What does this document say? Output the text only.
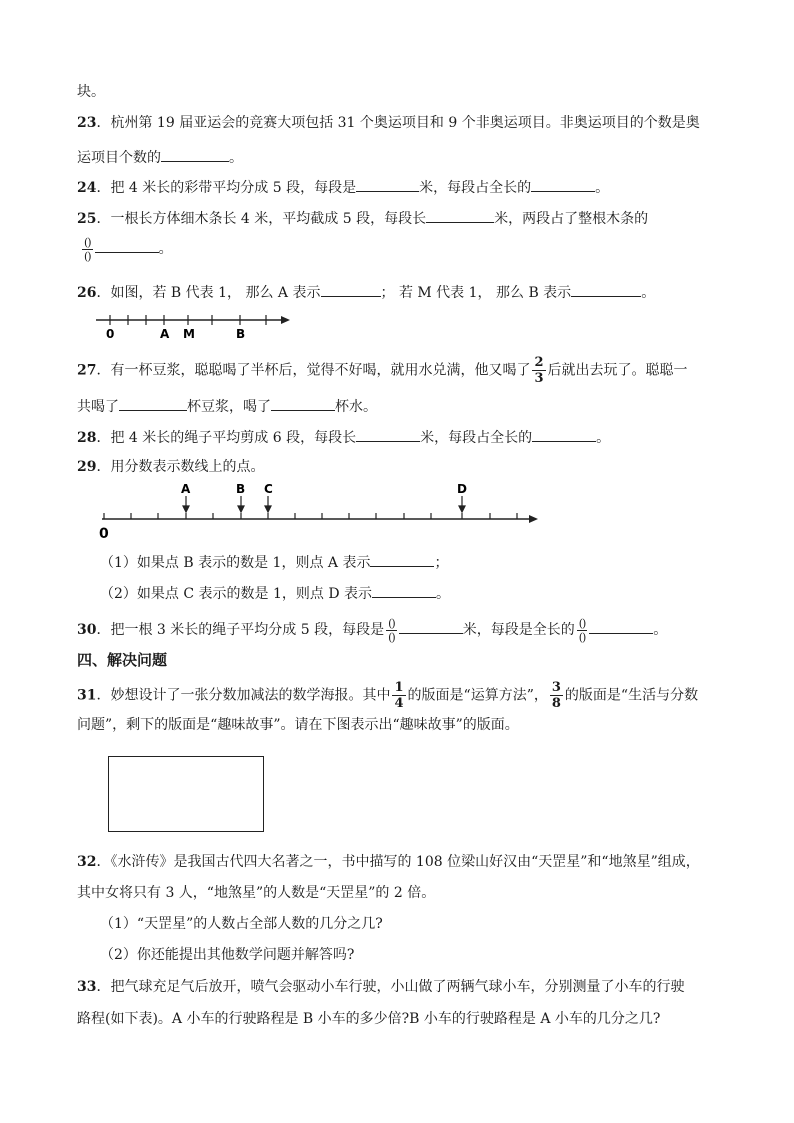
块。
23．杭州第 19 届亚运会的竞赛大项包括 31 个奥运项目和 9 个非奥运项目。非奥运项目的个数是奥
运项目个数的	。
24．把 4 米长的彩带平均分成 5 段，每段是	米，每段占全长的	。
25．一根长方体细木条长 4 米，平均截成 5 段，每段长	米，两段占了整根木条的
$\frac{()}{()}$	。
26．如图，若 B 代表 1， 那么 A 表示	； 若 M 代表 1， 那么 B 表示	。
0	A M	B
27．有一杯豆浆，聪聪喝了半杯后，觉得不好喝，就用水兑满，他又喝了 $\frac{2}{3}$ 后就出去玩了。聪聪一
共喝了	杯豆浆，喝了	杯水。
28．把 4 米长的绳子平均剪成 6 段，每段长	米，每段占全长的	。
29．用分数表示数线上的点。
A	B C	D
0
（1）如果点 B 表示的数是 1，则点 A 表示	；
（2）如果点 C 表示的数是 1，则点 D 表示	。
30．把一根 3 米长的绳子平均分成 5 段，每段是 $\frac{()}{()}$	米，每段是全长的 $\frac{()}{()}$	。
四、解决问题
31．妙想设计了一张分数加减法的数学海报。其中 $\frac{1}{4}$ 的版面是“运算方法”， $\frac{3}{8}$ 的版面是“生活与分数
问题”，剩下的版面是“趣味故事”。请在下图表示出“趣味故事”的版面。
32．《水浒传》是我国古代四大名著之一，书中描写的 108 位梁山好汉由“天罡星”和“地煞星”组成，
其中女将只有 3 人，“地煞星”的人数是“天罡星”的 2 倍。
（1）“天罡星”的人数占全部人数的几分之几?
（2）你还能提出其他数学问题并解答吗?
33．把气球充足气后放开，喷气会驱动小车行驶，小山做了两辆气球小车，分别测量了小车的行驶
路程(如下表)。A 小车的行驶路程是 B 小车的多少倍?B 小车的行驶路程是 A 小车的几分之几?
